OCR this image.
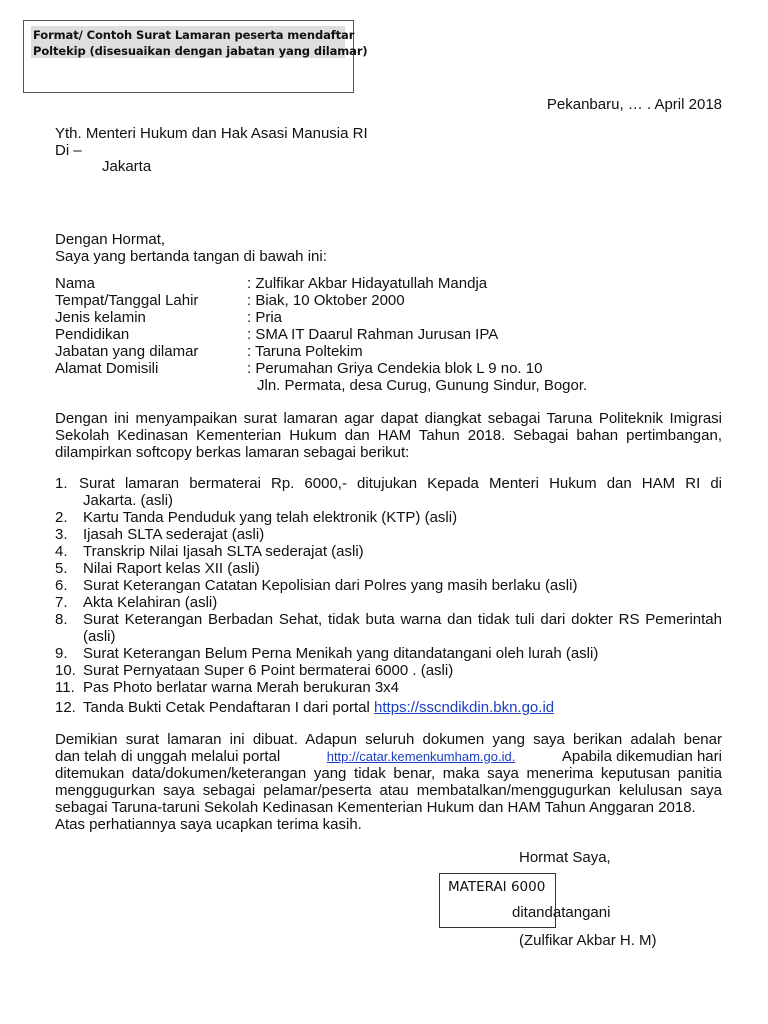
Format/ Contoh Surat Lamaran peserta mendaftar
Poltekip (disesuaikan dengan jabatan yang dilamar)
Pekanbaru, … . April 2018
Yth. Menteri Hukum dan Hak Asasi Manusia RI
Di –
Jakarta
Dengan Hormat,
Saya yang bertanda tangan di bawah ini:
Nama	: Zulfikar Akbar Hidayatullah Mandja
Tempat/Tanggal Lahir	: Biak, 10 Oktober 2000
Jenis kelamin	: Pria
Pendidikan	: SMA IT Daarul Rahman Jurusan IPA
Jabatan yang dilamar	: Taruna Poltekim
Alamat Domisili	: Perumahan Griya Cendekia blok L 9 no. 10
Jln. Permata, desa Curug, Gunung Sindur, Bogor.
Dengan ini menyampaikan surat lamaran agar dapat diangkat sebagai Taruna Politeknik Imigrasi
Sekolah Kedinasan Kementerian Hukum dan HAM Tahun 2018. Sebagai bahan pertimbangan,
dilampirkan softcopy berkas lamaran sebagai berikut:
1. Surat lamaran bermaterai Rp. 6000,- ditujukan Kepada Menteri Hukum dan HAM RI di
Jakarta. (asli)
2. Kartu Tanda Penduduk yang telah elektronik (KTP) (asli)
3. Ijasah SLTA sederajat (asli)
4. Transkrip Nilai Ijasah SLTA sederajat (asli)
5. Nilai Raport kelas XII (asli)
6. Surat Keterangan Catatan Kepolisian dari Polres yang masih berlaku (asli)
7. Akta Kelahiran (asli)
8.	Surat Keterangan Berbadan Sehat, tidak buta warna dan tidak tuli dari dokter RS Pemerintah
(asli)
9. Surat Keterangan Belum Perna Menikah yang ditandatangani oleh lurah (asli)
10. Surat Pernyataan Super 6 Point bermaterai 6000 . (asli)
11. Pas Photo berlatar warna Merah berukuran 3x4
12. Tanda Bukti Cetak Pendaftaran I dari portal https://sscndikdin.bkn.go.id
Demikian surat lamaran ini dibuat. Adapun seluruh dokumen yang saya berikan adalah benar
dan telah di unggah melalui portal	http://catar.kemenkumham.go.id.	Apabila dikemudian hari
ditemukan data/dokumen/keterangan yang tidak benar, maka saya menerima keputusan panitia
menggugurkan saya sebagai pelamar/peserta atau membatalkan/menggugurkan kelulusan saya
sebagai Taruna-taruni Sekolah Kedinasan Kementerian Hukum dan HAM Tahun Anggaran 2018.
Atas perhatiannya saya ucapkan terima kasih.
Hormat Saya,
MATERAI 6000
ditandatangani
(Zulfikar Akbar H. M)
